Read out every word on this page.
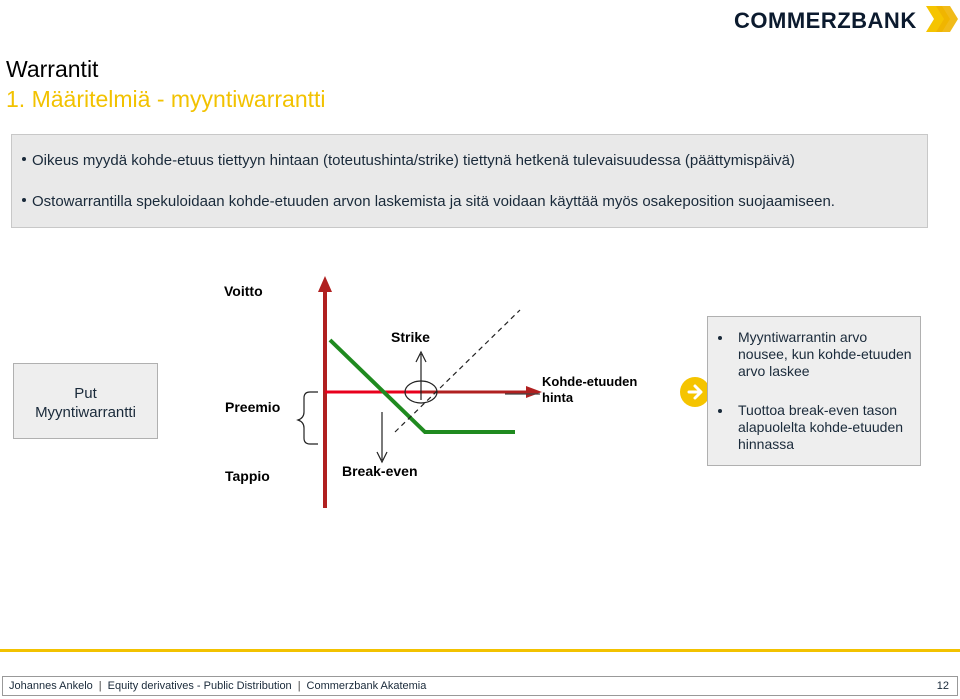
COMMERZBANK
Warrantit
1. Määritelmiä - myyntiwarrantti
Oikeus myydä kohde-etuus tiettyyn hintaan (toteutushinta/strike) tiettynä hetkenä tulevaisuudessa (päättymispäivä)
Ostowarrantilla spekuloidaan kohde-etuuden arvon laskemista ja sitä voidaan käyttää myös osakeposition suojaamiseen.
Put
Myyntiwarrantti
Voitto
Strike
Preemio
Tappio	Break-even
Kohde-etuuden
hinta
Myyntiwarrantin arvo nousee, kun kohde-etuuden arvo laskee
Tuottoa break-even tason alapuolelta kohde-etuuden hinnassa
Johannes Ankelo | Equity derivatives - Public Distribution | Commerzbank Akatemia	12
